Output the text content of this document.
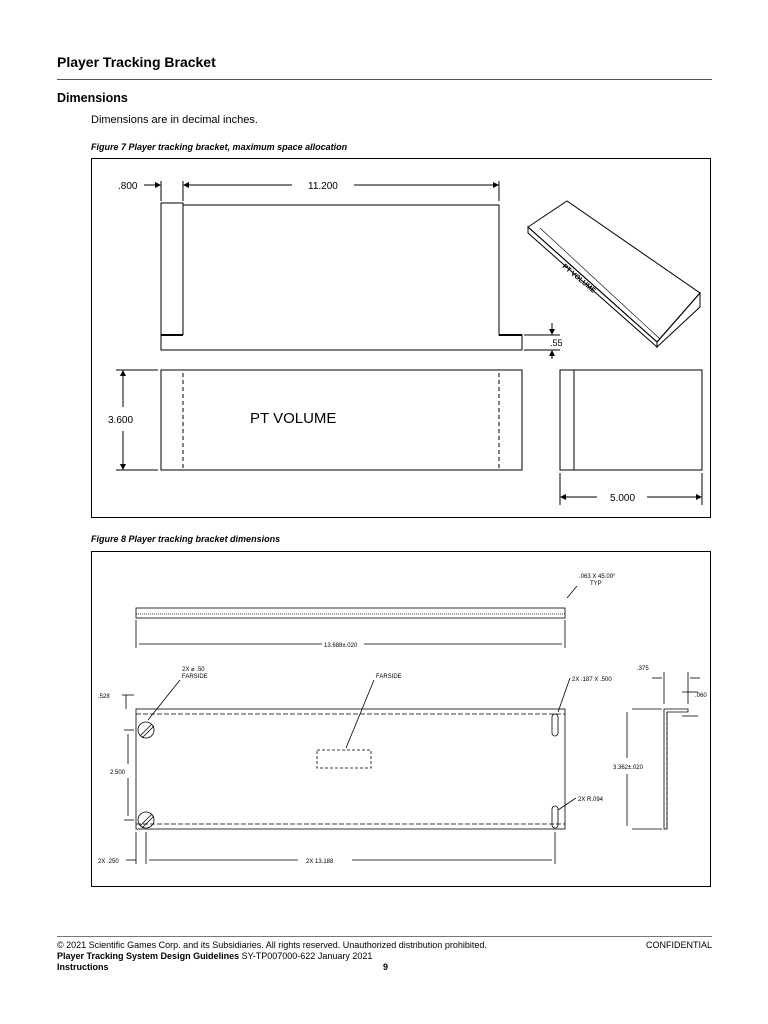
Player Tracking Bracket
Dimensions
Dimensions are in decimal inches.
Figure 7 Player tracking bracket, maximum space allocation
.800	11.200
.55
3.600
5.000
PT VOLUME
PT VOLUME
Figure 8 Player tracking bracket dimensions
.063 X 45.00°
TYP
13.688±.020
2X ⌀ .50
FARSIDE	FARSIDE	2X .187 X .500
.375
.060
.528
2.500
3.362±.020
2X R.094
2X .250	2X 13.188
© 2021 Scientific Games Corp. and its Subsidiaries. All rights reserved. Unauthorized distribution prohibited.	CONFIDENTIAL
Player Tracking System Design Guidelines SY-TP007000-622 January 2021
Instructions	9
